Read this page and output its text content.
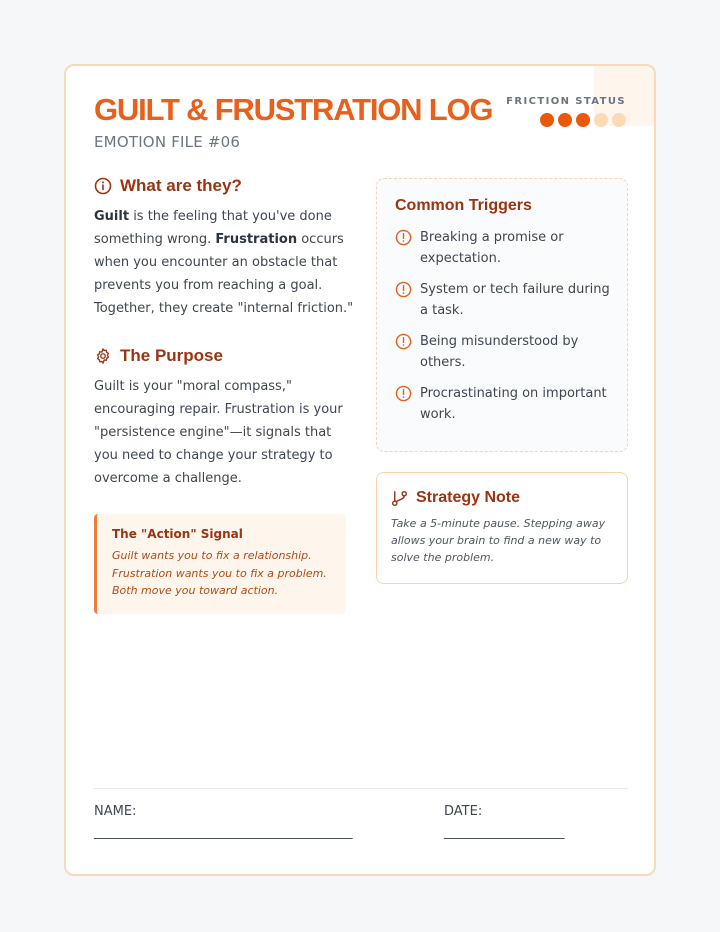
GUILT & FRUSTRATION LOG
EMOTION FILE #06
FRICTION STATUS
What are they?

Guilt is the feeling that you've done something wrong. Frustration occurs when you encounter an obstacle that prevents you from reaching a goal. Together, they create "internal friction."

The Purpose

Guilt is your "moral compass," encouraging repair. Frustration is your "persistence engine"—it signals that you need to change your strategy to overcome a challenge.

The "Action" Signal
Guilt wants you to fix a relationship.
Frustration wants you to fix a problem.
Both move you toward action.
Common Triggers
Breaking a promise or expectation.
System or tech failure during a task.
Being misunderstood by others.
Procrastinating on important work.
Strategy Note

Take a 5-minute pause. Stepping away allows your brain to find a new way to solve the problem.

NAME:
___________________________________________
DATE:
____________________
